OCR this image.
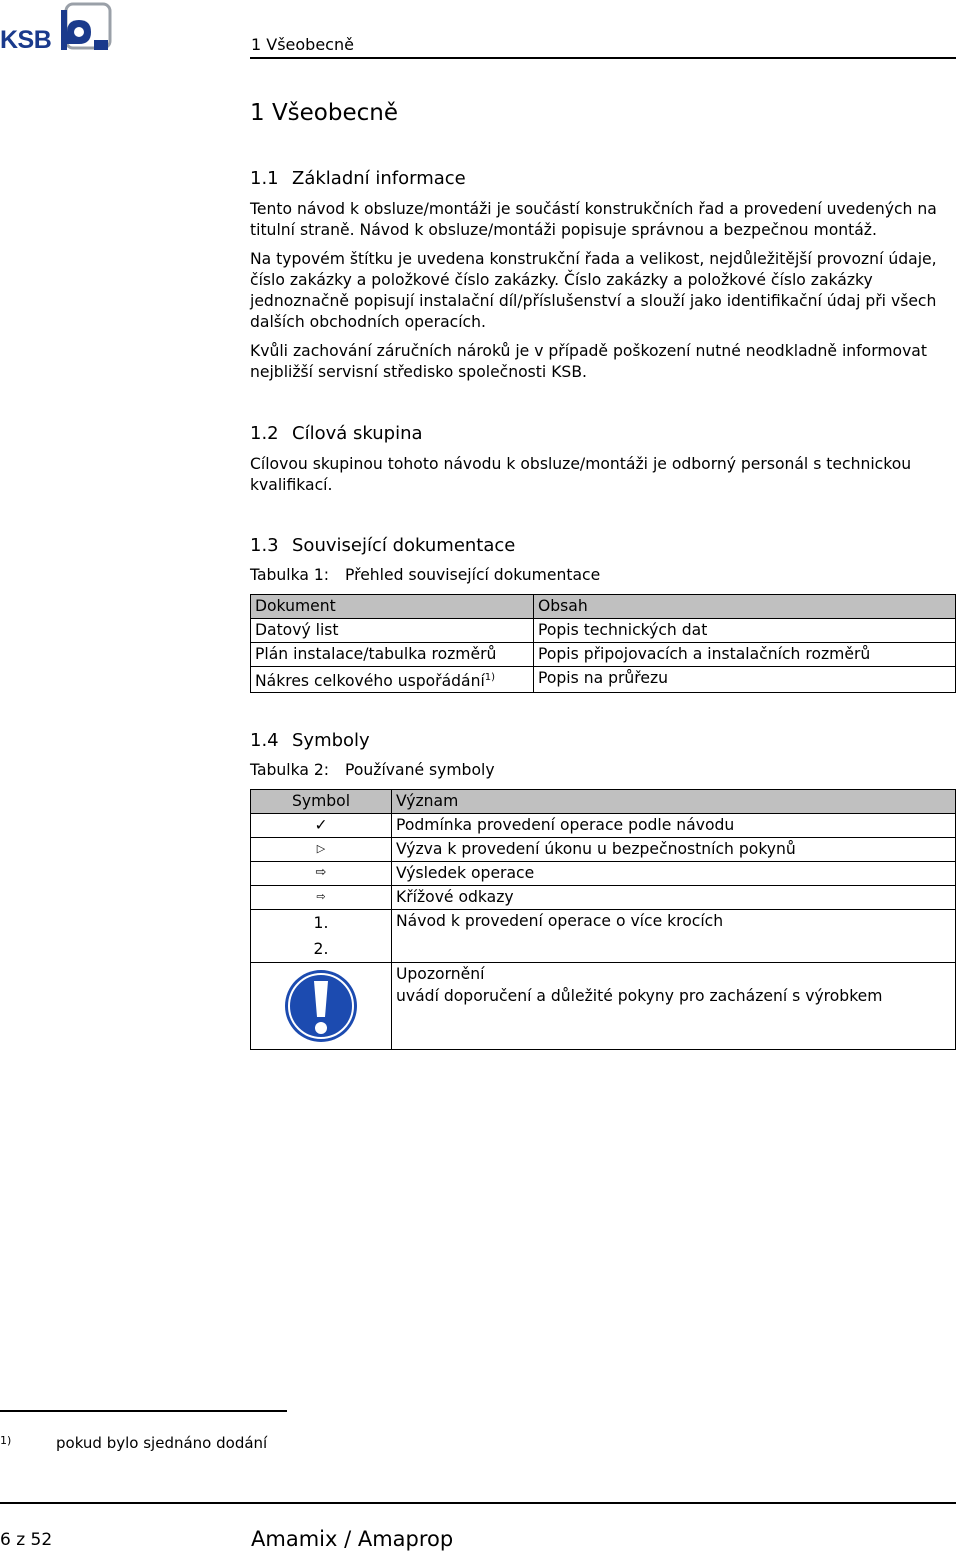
KSB	1 Všeobecně
1 Všeobecně
1.1 Základní informace
Tento návod k obsluze/montáži je součástí konstrukčních řad a provedení uvedených na titulní straně. Návod k obsluze/montáži popisuje správnou a bezpečnou montáž.
Na typovém štítku je uvedena konstrukční řada a velikost, nejdůležitější provozní údaje, číslo zakázky a položkové číslo zakázky. Číslo zakázky a položkové číslo zakázky jednoznačně popisují instalační díl/příslušenství a slouží jako identifikační údaj při všech dalších obchodních operacích.
Kvůli zachování záručních nároků je v případě poškození nutné neodkladně informovat nejbližší servisní středisko společnosti KSB.
1.2 Cílová skupina
Cílovou skupinou tohoto návodu k obsluze/montáži je odborný personál s technickou kvalifikací.
1.3 Související dokumentace
Tabulka 1: Přehled související dokumentace
Dokument	Obsah
Datový list	Popis technických dat
Plán instalace/tabulka rozměrů	Popis připojovacích a instalačních rozměrů
Nákres celkového uspořádání$^{1)}$	Popis na průřezu
1.4 Symboly
Tabulka 2: Používané symboly
Symbol	Význam
✓	Podmínka provedení operace podle návodu
▷	Výzva k provedení úkonu u bezpečnostních pokynů
⇨	Výsledek operace
⇨	Křížové odkazy

1.
2.	Návod k provedení operace o více krocích

Upozornění
uvádí doporučení a důležité pokyny pro zacházení s výrobkem
1)	pokud bylo sjednáno dodání
6 z 52	Amamix / Amaprop
